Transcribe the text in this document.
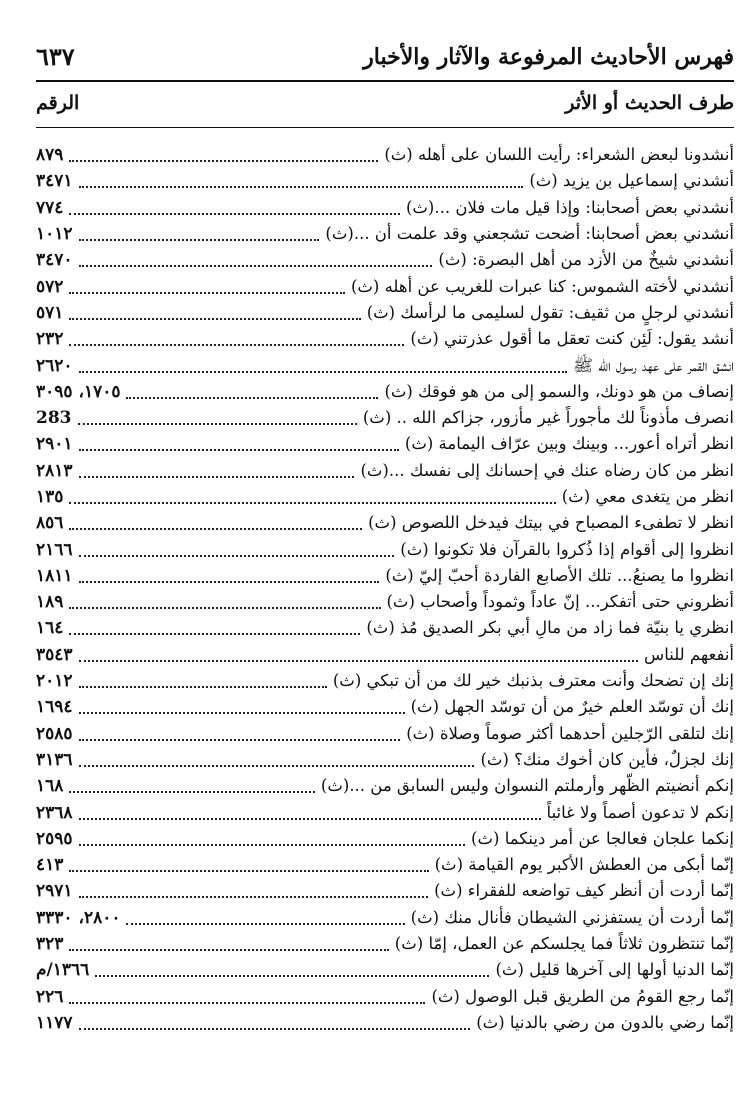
فهرس الأحاديث المرفوعة والآثار والأخبار
٦٣٧
طرف الحديث أو الأثر
الرقم
أنشدونا لبعض الشعراء: رأيت اللسان على أهله (ث)
٨٧٩
أنشدني إسماعيل بن يزيد (ث)
٣٤٧١
أنشدني بعض أصحابنا: وإذا قيل مات فلان ...(ث)
٧٧٤
أنشدني بعض أصحابنا: أضحت تشجعني وقد علمت أن ...(ث)
١٠١٢
أنشدني شيخٌ من الأزد من أهل البصرة: (ث)
٣٤٧٠
أنشدني لأخته الشموس: كنا عبرات للغريب عن أهله (ث)
٥٧٢
أنشدني لرجلٍ من ثقيف: تقول لسليمى ما لرأسك (ث)
٥٧١
أنشد يقول: لَئِن كنت تعقل ما أقول عذرتني (ث)
٢٣٢
انشق القمر على عهد رسول الله ﷺ
٢٦٢٠
إنصاف من هو دونك، والسمو إلى من هو فوقك (ث)
١٧٠٥، ٣٠٩٥
انصرف مأذوناً لك مأجوراً غير مأزور، جزاكم الله .. (ث)
283
انظر أتراه أعور... وبينك وبين عرّاف اليمامة (ث)
٢٩٠١
انظر من كان رضاه عنك في إحسانك إلى نفسك ...(ث)
٢٨١٣
انظر من يتغدى معي (ث)
١٣٥
انظر لا تطفىء المصباح في بيتك فيدخل اللصوص (ث)
٨٥٦
انظروا إلى أقوام إذا ذُكروا بالقرآن فلا تكونوا (ث)
٢١٦٦
انظروا ما يصنعُ... تلك الأصابع الفاردة أحبّ إليّ (ث)
١٨١١
أنظروني حتى أتفكر... إنّ عاداً وثموداً وأصحاب (ث)
١٨٩
انظري يا بنيّة فما زاد من مالِ أبي بكر الصديق مُذ (ث)
١٦٤
أنفعهم للناس
٣٥٤٣
إنك إن تضحك وأنت معترف بذنبك خير لك من أن تبكي (ث)
٢٠١٢
إنك أن توسّد العلم خيرٌ من أن توسّد الجهل (ث)
١٦٩٤
إنك لتلقى الرّجلين أحدهما أكثر صوماً وصلاة (ث)
٢٥٨٥
إنك لجزلٌ، فأين كان أخوك منك؟ (ث)
٣١٣٦
إنكم أنضيتم الظّهر وأرملتم النسوان وليس السابق من ...(ث)
١٦٨
إنكم لا تدعون أصماً ولا غائباً
٢٣٦٨
إنكما علجان فعالجا عن أمر دينكما (ث)
٢٥٩٥
إنّما أبكى من العطش الأكبر يوم القيامة (ث)
٤١٣
إنّما أردت أن أنظر كيف تواضعه للفقراء (ث)
٢٩٧١
إنّما أردت أن يستفزني الشيطان فأنال منك (ث)
٢٨٠٠، ٣٣٣٠
إنّما تنتظرون ثلاثاً فما يجلسكم عن العمل، إمّا (ث)
٣٢٣
إنّما الدنيا أولها إلى آخرها قليل (ث)
١٣٦٦/م
إنّما رجع القومُ من الطريق قبل الوصول (ث)
٢٢٦
إنّما رضي بالدون من رضي بالدنيا (ث)
١١٧٧
